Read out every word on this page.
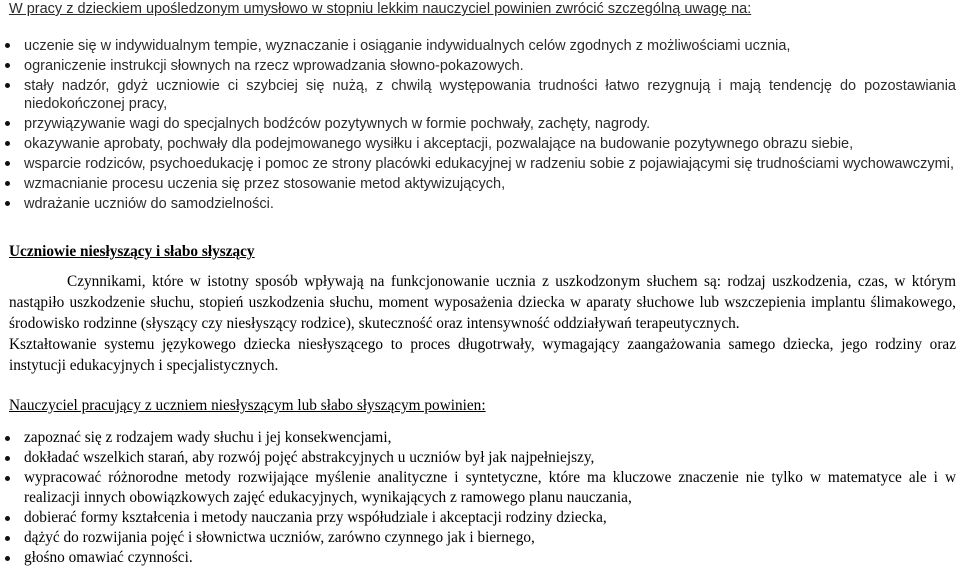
W pracy z dzieckiem upośledzonym umysłowo w stopniu lekkim nauczyciel powinien zwrócić szczególną uwagę na:
uczenie się w indywidualnym tempie, wyznaczanie i osiąganie indywidualnych celów zgodnych z możliwościami ucznia,
ograniczenie instrukcji słownych na rzecz wprowadzania słowno-pokazowych.
stały nadzór, gdyż uczniowie ci szybciej się nużą, z chwilą występowania trudności łatwo rezygnują i mają tendencję do pozostawiania niedokończonej pracy,
przywiązywanie wagi do specjalnych bodźców pozytywnych w formie pochwały, zachęty, nagrody.
okazywanie aprobaty, pochwały dla podejmowanego wysiłku i akceptacji, pozwalające na budowanie pozytywnego obrazu siebie,
wsparcie rodziców, psychoedukację i pomoc ze strony placówki edukacyjnej w radzeniu sobie z pojawiającymi się trudnościami wychowawczymi,
wzmacnianie procesu uczenia się przez stosowanie metod aktywizujących,
wdrażanie uczniów do samodzielności.
Uczniowie niesłyszący i słabo słyszący

Czynnikami, które w istotny sposób wpływają na funkcjonowanie ucznia z uszkodzonym słuchem są: rodzaj uszkodzenia, czas, w którym nastąpiło uszkodzenie słuchu, stopień uszkodzenia słuchu, moment wyposażenia dziecka w aparaty słuchowe lub wszczepienia implantu ślimakowego, środowisko rodzinne (słyszący czy niesłyszący rodzice), skuteczność oraz intensywność oddziaływań terapeutycznych.

Kształtowanie systemu językowego dziecka niesłyszącego to proces długotrwały, wymagający zaangażowania samego dziecka, jego rodziny oraz instytucji edukacyjnych i specjalistycznych.

Nauczyciel pracujący z uczniem niesłyszącym lub słabo słyszącym powinien:
zapoznać się z rodzajem wady słuchu i jej konsekwencjami,
dokładać wszelkich starań, aby rozwój pojęć abstrakcyjnych u uczniów był jak najpełniejszy,
wypracować różnorodne metody rozwijające myślenie analityczne i syntetyczne, które ma kluczowe znaczenie nie tylko w matematyce ale i w realizacji innych obowiązkowych zajęć edukacyjnych, wynikających z ramowego planu nauczania,
dobierać formy kształcenia i metody nauczania przy współudziale i akceptacji rodziny dziecka,
dążyć do rozwijania pojęć i słownictwa uczniów, zarówno czynnego jak i biernego,
głośno omawiać czynności.
